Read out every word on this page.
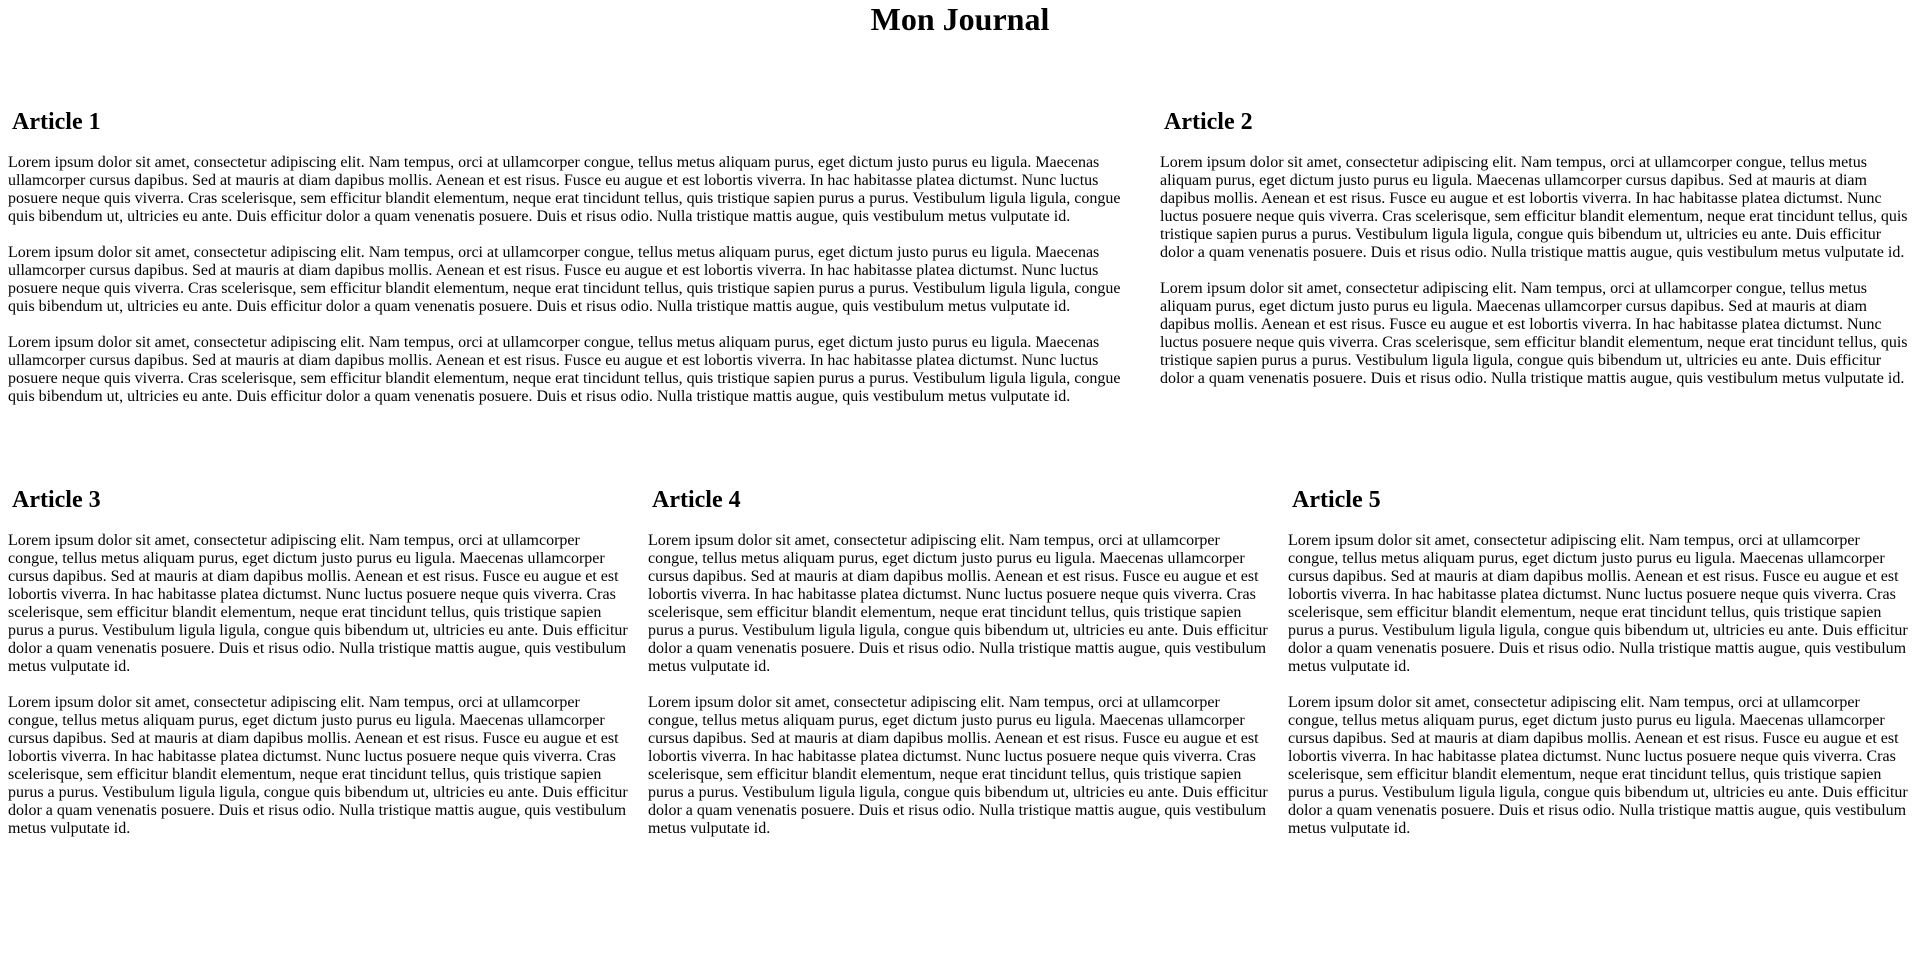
Mon Journal
Article 1

Lorem ipsum dolor sit amet, consectetur adipiscing elit. Nam tempus, orci at ullamcorper congue, tellus metus aliquam purus, eget dictum justo purus eu ligula. Maecenas ullamcorper cursus dapibus. Sed at mauris at diam dapibus mollis. Aenean et est risus. Fusce eu augue et est lobortis viverra. In hac habitasse platea dictumst. Nunc luctus posuere neque quis viverra. Cras scelerisque, sem efficitur blandit elementum, neque erat tincidunt tellus, quis tristique sapien purus a purus. Vestibulum ligula ligula, congue quis bibendum ut, ultricies eu ante. Duis efficitur dolor a quam venenatis posuere. Duis et risus odio. Nulla tristique mattis augue, quis vestibulum metus vulputate id.

Lorem ipsum dolor sit amet, consectetur adipiscing elit. Nam tempus, orci at ullamcorper congue, tellus metus aliquam purus, eget dictum justo purus eu ligula. Maecenas ullamcorper cursus dapibus. Sed at mauris at diam dapibus mollis. Aenean et est risus. Fusce eu augue et est lobortis viverra. In hac habitasse platea dictumst. Nunc luctus posuere neque quis viverra. Cras scelerisque, sem efficitur blandit elementum, neque erat tincidunt tellus, quis tristique sapien purus a purus. Vestibulum ligula ligula, congue quis bibendum ut, ultricies eu ante. Duis efficitur dolor a quam venenatis posuere. Duis et risus odio. Nulla tristique mattis augue, quis vestibulum metus vulputate id.

Lorem ipsum dolor sit amet, consectetur adipiscing elit. Nam tempus, orci at ullamcorper congue, tellus metus aliquam purus, eget dictum justo purus eu ligula. Maecenas ullamcorper cursus dapibus. Sed at mauris at diam dapibus mollis. Aenean et est risus. Fusce eu augue et est lobortis viverra. In hac habitasse platea dictumst. Nunc luctus posuere neque quis viverra. Cras scelerisque, sem efficitur blandit elementum, neque erat tincidunt tellus, quis tristique sapien purus a purus. Vestibulum ligula ligula, congue quis bibendum ut, ultricies eu ante. Duis efficitur dolor a quam venenatis posuere. Duis et risus odio. Nulla tristique mattis augue, quis vestibulum metus vulputate id.

Article 2

Lorem ipsum dolor sit amet, consectetur adipiscing elit. Nam tempus, orci at ullamcorper congue, tellus metus aliquam purus, eget dictum justo purus eu ligula. Maecenas ullamcorper cursus dapibus. Sed at mauris at diam dapibus mollis. Aenean et est risus. Fusce eu augue et est lobortis viverra. In hac habitasse platea dictumst. Nunc luctus posuere neque quis viverra. Cras scelerisque, sem efficitur blandit elementum, neque erat tincidunt tellus, quis tristique sapien purus a purus. Vestibulum ligula ligula, congue quis bibendum ut, ultricies eu ante. Duis efficitur dolor a quam venenatis posuere. Duis et risus odio. Nulla tristique mattis augue, quis vestibulum metus vulputate id.

Lorem ipsum dolor sit amet, consectetur adipiscing elit. Nam tempus, orci at ullamcorper congue, tellus metus aliquam purus, eget dictum justo purus eu ligula. Maecenas ullamcorper cursus dapibus. Sed at mauris at diam dapibus mollis. Aenean et est risus. Fusce eu augue et est lobortis viverra. In hac habitasse platea dictumst. Nunc luctus posuere neque quis viverra. Cras scelerisque, sem efficitur blandit elementum, neque erat tincidunt tellus, quis tristique sapien purus a purus. Vestibulum ligula ligula, congue quis bibendum ut, ultricies eu ante. Duis efficitur dolor a quam venenatis posuere. Duis et risus odio. Nulla tristique mattis augue, quis vestibulum metus vulputate id.

Article 3

Lorem ipsum dolor sit amet, consectetur adipiscing elit. Nam tempus, orci at ullamcorper congue, tellus metus aliquam purus, eget dictum justo purus eu ligula. Maecenas ullamcorper cursus dapibus. Sed at mauris at diam dapibus mollis. Aenean et est risus. Fusce eu augue et est lobortis viverra. In hac habitasse platea dictumst. Nunc luctus posuere neque quis viverra. Cras scelerisque, sem efficitur blandit elementum, neque erat tincidunt tellus, quis tristique sapien purus a purus. Vestibulum ligula ligula, congue quis bibendum ut, ultricies eu ante. Duis efficitur dolor a quam venenatis posuere. Duis et risus odio. Nulla tristique mattis augue, quis vestibulum metus vulputate id.

Lorem ipsum dolor sit amet, consectetur adipiscing elit. Nam tempus, orci at ullamcorper congue, tellus metus aliquam purus, eget dictum justo purus eu ligula. Maecenas ullamcorper cursus dapibus. Sed at mauris at diam dapibus mollis. Aenean et est risus. Fusce eu augue et est lobortis viverra. In hac habitasse platea dictumst. Nunc luctus posuere neque quis viverra. Cras scelerisque, sem efficitur blandit elementum, neque erat tincidunt tellus, quis tristique sapien purus a purus. Vestibulum ligula ligula, congue quis bibendum ut, ultricies eu ante. Duis efficitur dolor a quam venenatis posuere. Duis et risus odio. Nulla tristique mattis augue, quis vestibulum metus vulputate id.

Article 4

Lorem ipsum dolor sit amet, consectetur adipiscing elit. Nam tempus, orci at ullamcorper congue, tellus metus aliquam purus, eget dictum justo purus eu ligula. Maecenas ullamcorper cursus dapibus. Sed at mauris at diam dapibus mollis. Aenean et est risus. Fusce eu augue et est lobortis viverra. In hac habitasse platea dictumst. Nunc luctus posuere neque quis viverra. Cras scelerisque, sem efficitur blandit elementum, neque erat tincidunt tellus, quis tristique sapien purus a purus. Vestibulum ligula ligula, congue quis bibendum ut, ultricies eu ante. Duis efficitur dolor a quam venenatis posuere. Duis et risus odio. Nulla tristique mattis augue, quis vestibulum metus vulputate id.

Lorem ipsum dolor sit amet, consectetur adipiscing elit. Nam tempus, orci at ullamcorper congue, tellus metus aliquam purus, eget dictum justo purus eu ligula. Maecenas ullamcorper cursus dapibus. Sed at mauris at diam dapibus mollis. Aenean et est risus. Fusce eu augue et est lobortis viverra. In hac habitasse platea dictumst. Nunc luctus posuere neque quis viverra. Cras scelerisque, sem efficitur blandit elementum, neque erat tincidunt tellus, quis tristique sapien purus a purus. Vestibulum ligula ligula, congue quis bibendum ut, ultricies eu ante. Duis efficitur dolor a quam venenatis posuere. Duis et risus odio. Nulla tristique mattis augue, quis vestibulum metus vulputate id.

Article 5

Lorem ipsum dolor sit amet, consectetur adipiscing elit. Nam tempus, orci at ullamcorper congue, tellus metus aliquam purus, eget dictum justo purus eu ligula. Maecenas ullamcorper cursus dapibus. Sed at mauris at diam dapibus mollis. Aenean et est risus. Fusce eu augue et est lobortis viverra. In hac habitasse platea dictumst. Nunc luctus posuere neque quis viverra. Cras scelerisque, sem efficitur blandit elementum, neque erat tincidunt tellus, quis tristique sapien purus a purus. Vestibulum ligula ligula, congue quis bibendum ut, ultricies eu ante. Duis efficitur dolor a quam venenatis posuere. Duis et risus odio. Nulla tristique mattis augue, quis vestibulum metus vulputate id.

Lorem ipsum dolor sit amet, consectetur adipiscing elit. Nam tempus, orci at ullamcorper congue, tellus metus aliquam purus, eget dictum justo purus eu ligula. Maecenas ullamcorper cursus dapibus. Sed at mauris at diam dapibus mollis. Aenean et est risus. Fusce eu augue et est lobortis viverra. In hac habitasse platea dictumst. Nunc luctus posuere neque quis viverra. Cras scelerisque, sem efficitur blandit elementum, neque erat tincidunt tellus, quis tristique sapien purus a purus. Vestibulum ligula ligula, congue quis bibendum ut, ultricies eu ante. Duis efficitur dolor a quam venenatis posuere. Duis et risus odio. Nulla tristique mattis augue, quis vestibulum metus vulputate id.
